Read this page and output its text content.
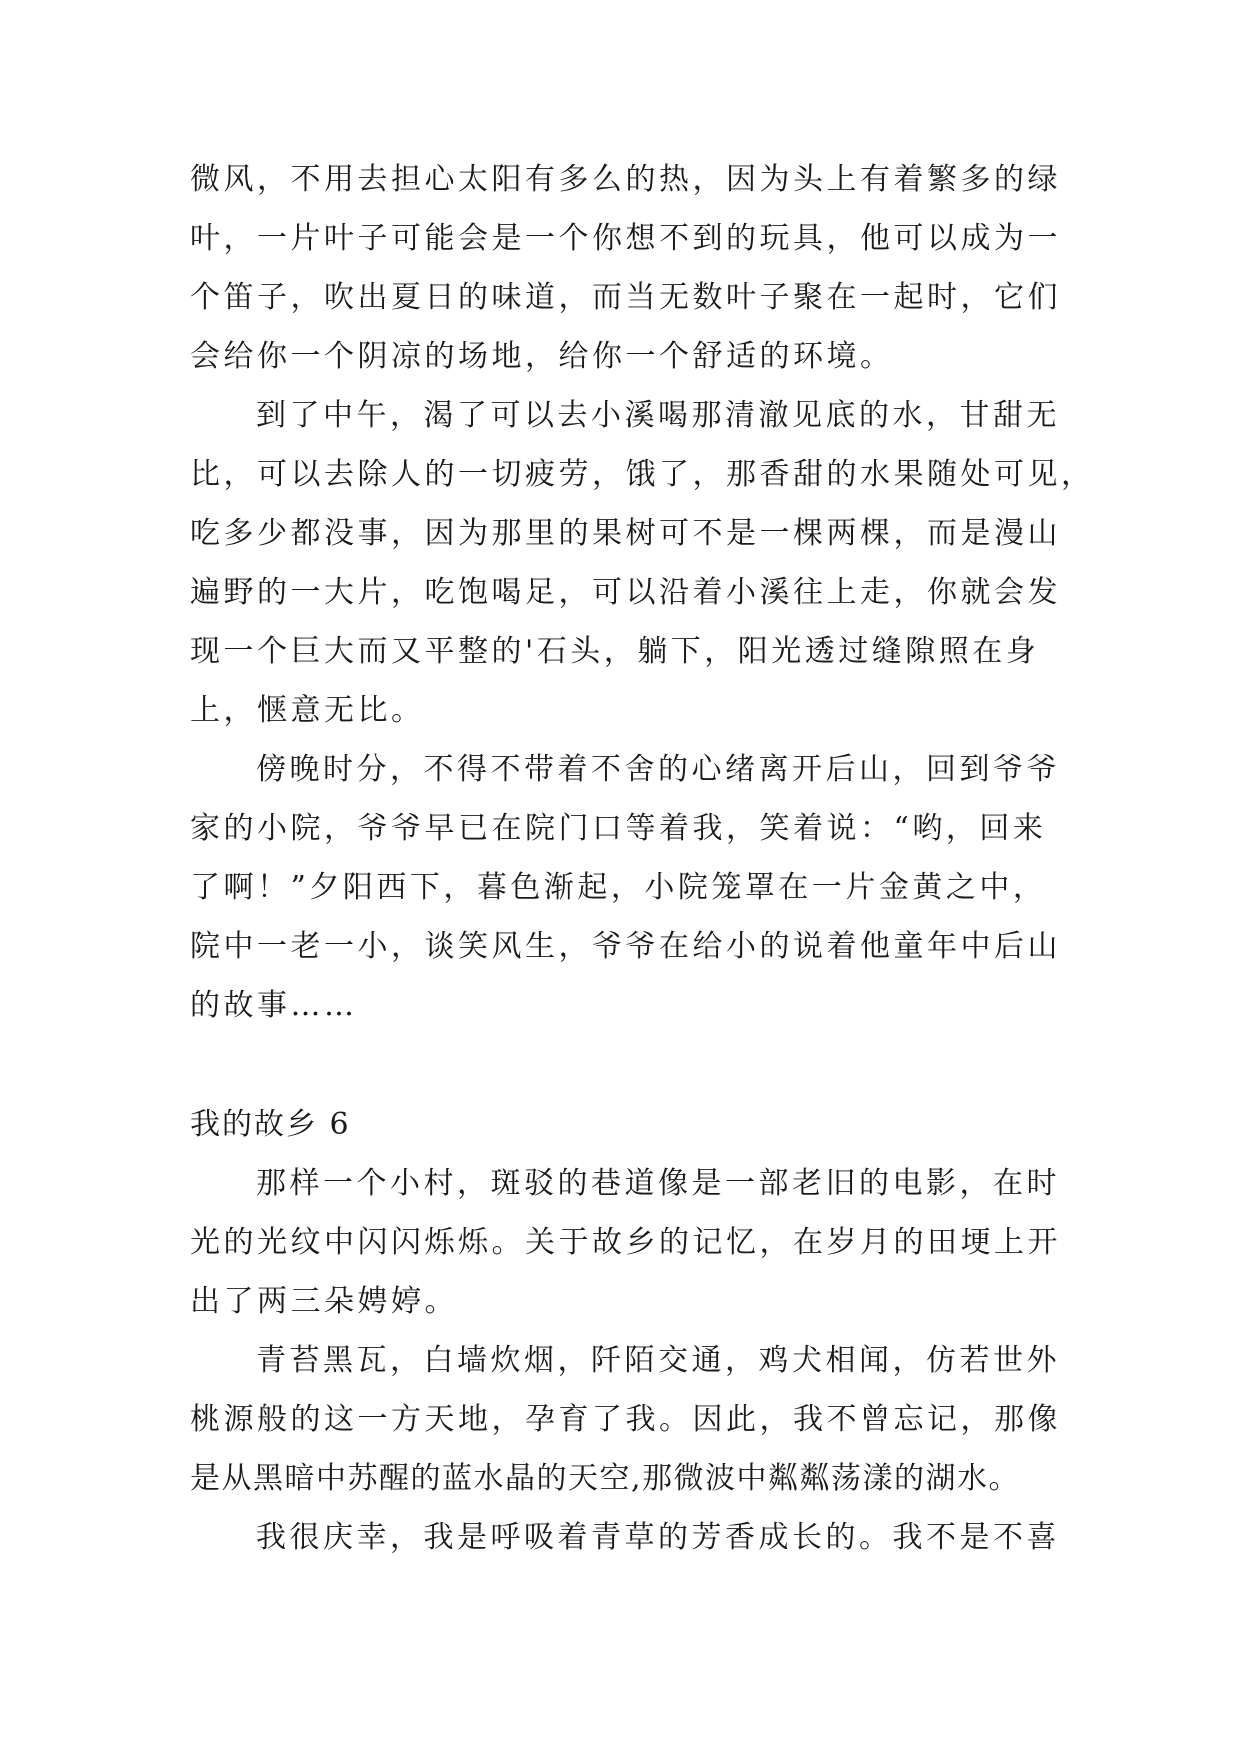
微风，不用去担心太阳有多么的热，因为头上有着繁多的绿
叶，一片叶子可能会是一个你想不到的玩具，他可以成为一
个笛子，吹出夏日的味道，而当无数叶子聚在一起时，它们
会给你一个阴凉的场地，给你一个舒适的环境。
到了中午，渴了可以去小溪喝那清澈见底的水，甘甜无
比，可以去除人的一切疲劳，饿了，那香甜的水果随处可见，
吃多少都没事，因为那里的果树可不是一棵两棵，而是漫山
遍野的一大片，吃饱喝足，可以沿着小溪往上走，你就会发
现一个巨大而又平整的'石头，躺下，阳光透过缝隙照在身
上，惬意无比。
傍晚时分，不得不带着不舍的心绪离开后山，回到爷爷
家的小院，爷爷早已在院门口等着我，笑着说：“哟，回来
了啊！”夕阳西下，暮色渐起，小院笼罩在一片金黄之中，
院中一老一小，谈笑风生，爷爷在给小的说着他童年中后山
的故事……
我的故乡 6
那样一个小村，斑驳的巷道像是一部老旧的电影，在时
光的光纹中闪闪烁烁。关于故乡的记忆，在岁月的田埂上开
出了两三朵娉婷。
青苔黑瓦，白墙炊烟，阡陌交通，鸡犬相闻，仿若世外
桃源般的这一方天地，孕育了我。因此，我不曾忘记，那像
是从黑暗中苏醒的蓝水晶的天空,那微波中粼粼荡漾的湖水。
我很庆幸，我是呼吸着青草的芳香成长的。我不是不喜
